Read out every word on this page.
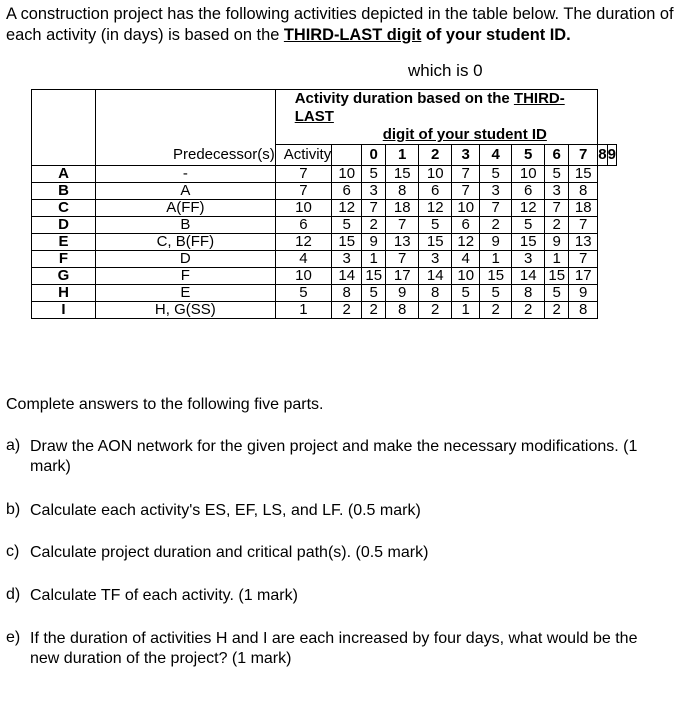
A construction project has the following activities depicted in the table below. The duration of each activity (in days) is based on the THIRD-LAST digit of your student ID.
which is 0
	Predecessor(s)	Activity duration based on the THIRD-LAST
digit of your student ID											
		Activity		0	1	2	3	4	5	6	7	8	9
A	-	7	10	5	15	10	7	5	10	5	15		
B	A	7	6	3	8	6	7	3	6	3	8		
C	A(FF)	10	12	7	18	12	10	7	12	7	18		
D	B	6	5	2	7	5	6	2	5	2	7		
E	C, B(FF)	12	15	9	13	15	12	9	15	9	13		
F	D	4	3	1	7	3	4	1	3	1	7		
G	F	10	14	15	17	14	10	15	14	15	17		
H	E	5	8	5	9	8	5	5	8	5	9		
I	H, G(SS)	1	2	2	8	2	1	2	2	2	8		
Complete answers to the following five parts.
a) Draw the AON network for the given project and make the necessary modifications. (1 mark)
b) Calculate each activity's ES, EF, LS, and LF. (0.5 mark)
c) Calculate project duration and critical path(s). (0.5 mark)
d) Calculate TF of each activity. (1 mark)
e) If the duration of activities H and I are each increased by four days, what would be the new duration of the project? (1 mark)
